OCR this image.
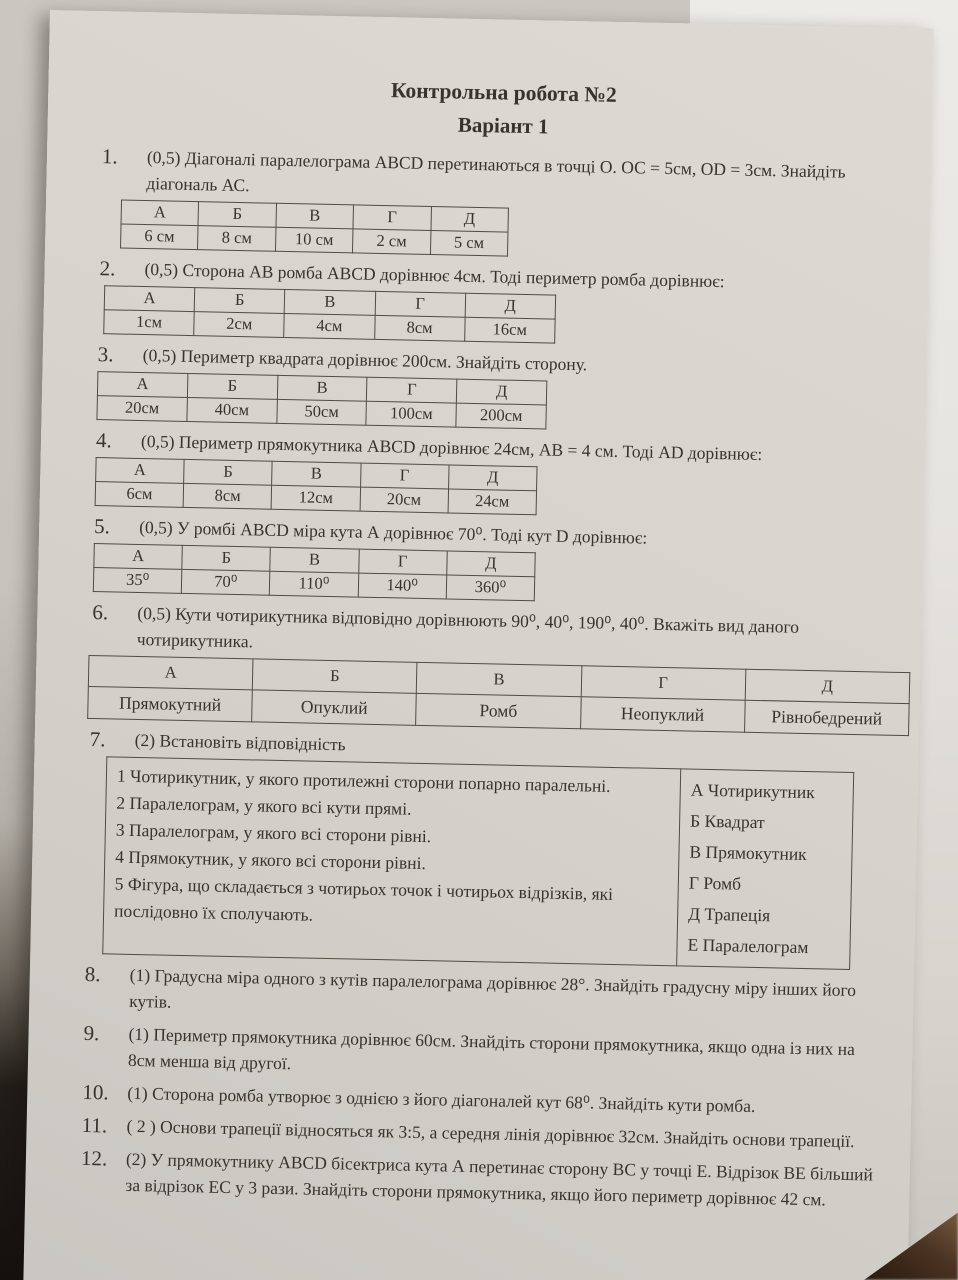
Контрольна робота №2
Варіант 1
1.	(0,5) Діагоналі паралелограма ABCD перетинаються в точці О. ОС = 5см, OD = 3см. Знайдіть діагональ АС.
А	Б	В	Г	Д
6 см	8 см	10 см	2 см	5 см
2.	(0,5) Сторона АВ ромба ABCD дорівнює 4см. Тоді периметр ромба дорівнює:
А	Б	В	Г	Д
1см	2см	4см	8см	16см
3.	(0,5) Периметр квадрата дорівнює 200см. Знайдіть сторону.
А	Б	В	Г	Д
20см	40см	50см	100см	200см
4.	(0,5) Периметр прямокутника ABCD дорівнює 24см, АВ = 4 см. Тоді AD дорівнює:
А	Б	В	Г	Д
6см	8см	12см	20см	24см
5.	(0,5) У ромбі ABCD міра кута А дорівнює 70⁰. Тоді кут D дорівнює:
А	Б	В	Г	Д
35⁰	70⁰	110⁰	140⁰	360⁰
6.	(0,5) Кути чотирикутника відповідно дорівнюють 90⁰, 40⁰, 190⁰, 40⁰. Вкажіть вид даного чотирикутника.
А	Б	В	Г	Д
Прямокутний	Опуклий	Ромб	Неопуклий	Рівнобедрений
7.	(2) Встановіть відповідність
1 Чотирикутник, у якого протилежні сторони попарно паралельні.
2 Паралелограм, у якого всі кути прямі.
3 Паралелограм, у якого всі сторони рівні.
4 Прямокутник, у якого всі сторони рівні.
5 Фігура, що складається з чотирьох точок і чотирьох відрізків, які послідовно їх сполучають.

А Чотирикутник
Б Квадрат
В Прямокутник
Г Ромб
Д Трапеція
Е Паралелограм
8.	(1) Градусна міра одного з кутів паралелограма дорівнює 28°. Знайдіть градусну міру інших його кутів.
9.	(1) Периметр прямокутника дорівнює 60см. Знайдіть сторони прямокутника, якщо одна із них на 8см менша від другої.
10.	(1) Сторона ромба утворює з однією з його діагоналей кут 68⁰. Знайдіть кути ромба.
11.	( 2 ) Основи трапеції відносяться як 3:5, а середня лінія дорівнює 32см. Знайдіть основи трапеції.
12.	(2) У прямокутнику ABCD бісектриса кута А перетинає сторону ВС у точці Е. Відрізок ВЕ більший за відрізок ЕС у 3 рази. Знайдіть сторони прямокутника, якщо його периметр дорівнює 42 см.
